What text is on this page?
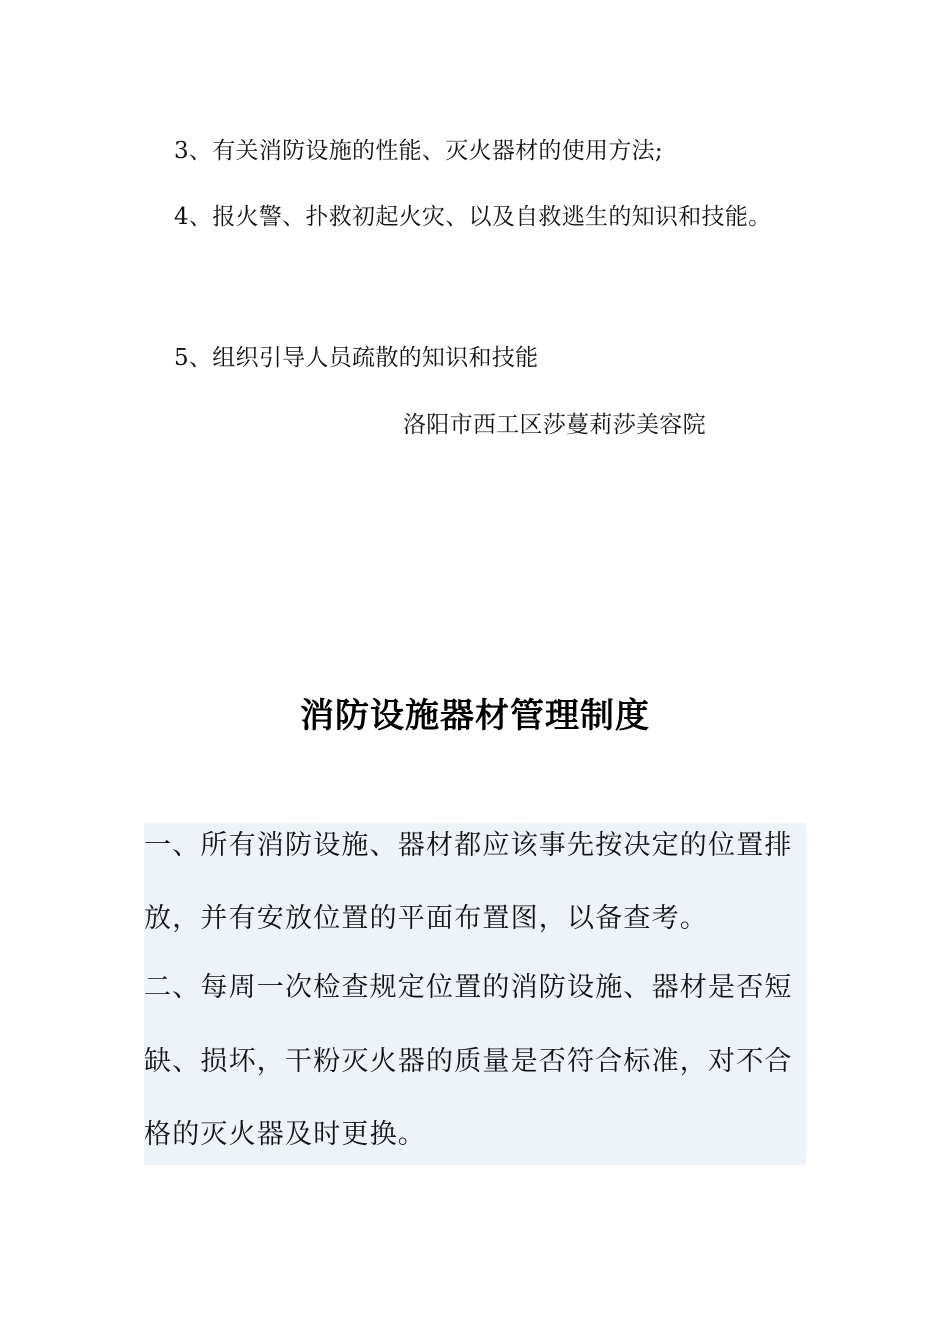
3、有关消防设施的性能、灭火器材的使用方法;
4、报火警、扑救初起火灾、以及自救逃生的知识和技能。
5、组织引导人员疏散的知识和技能
洛阳市西工区莎蔓莉莎美容院
消防设施器材管理制度
一、所有消防设施、器材都应该事先按决定的位置排
放，并有安放位置的平面布置图，以备查考。
二、每周一次检查规定位置的消防设施、器材是否短
缺、损坏，干粉灭火器的质量是否符合标准，对不合
格的灭火器及时更换。
